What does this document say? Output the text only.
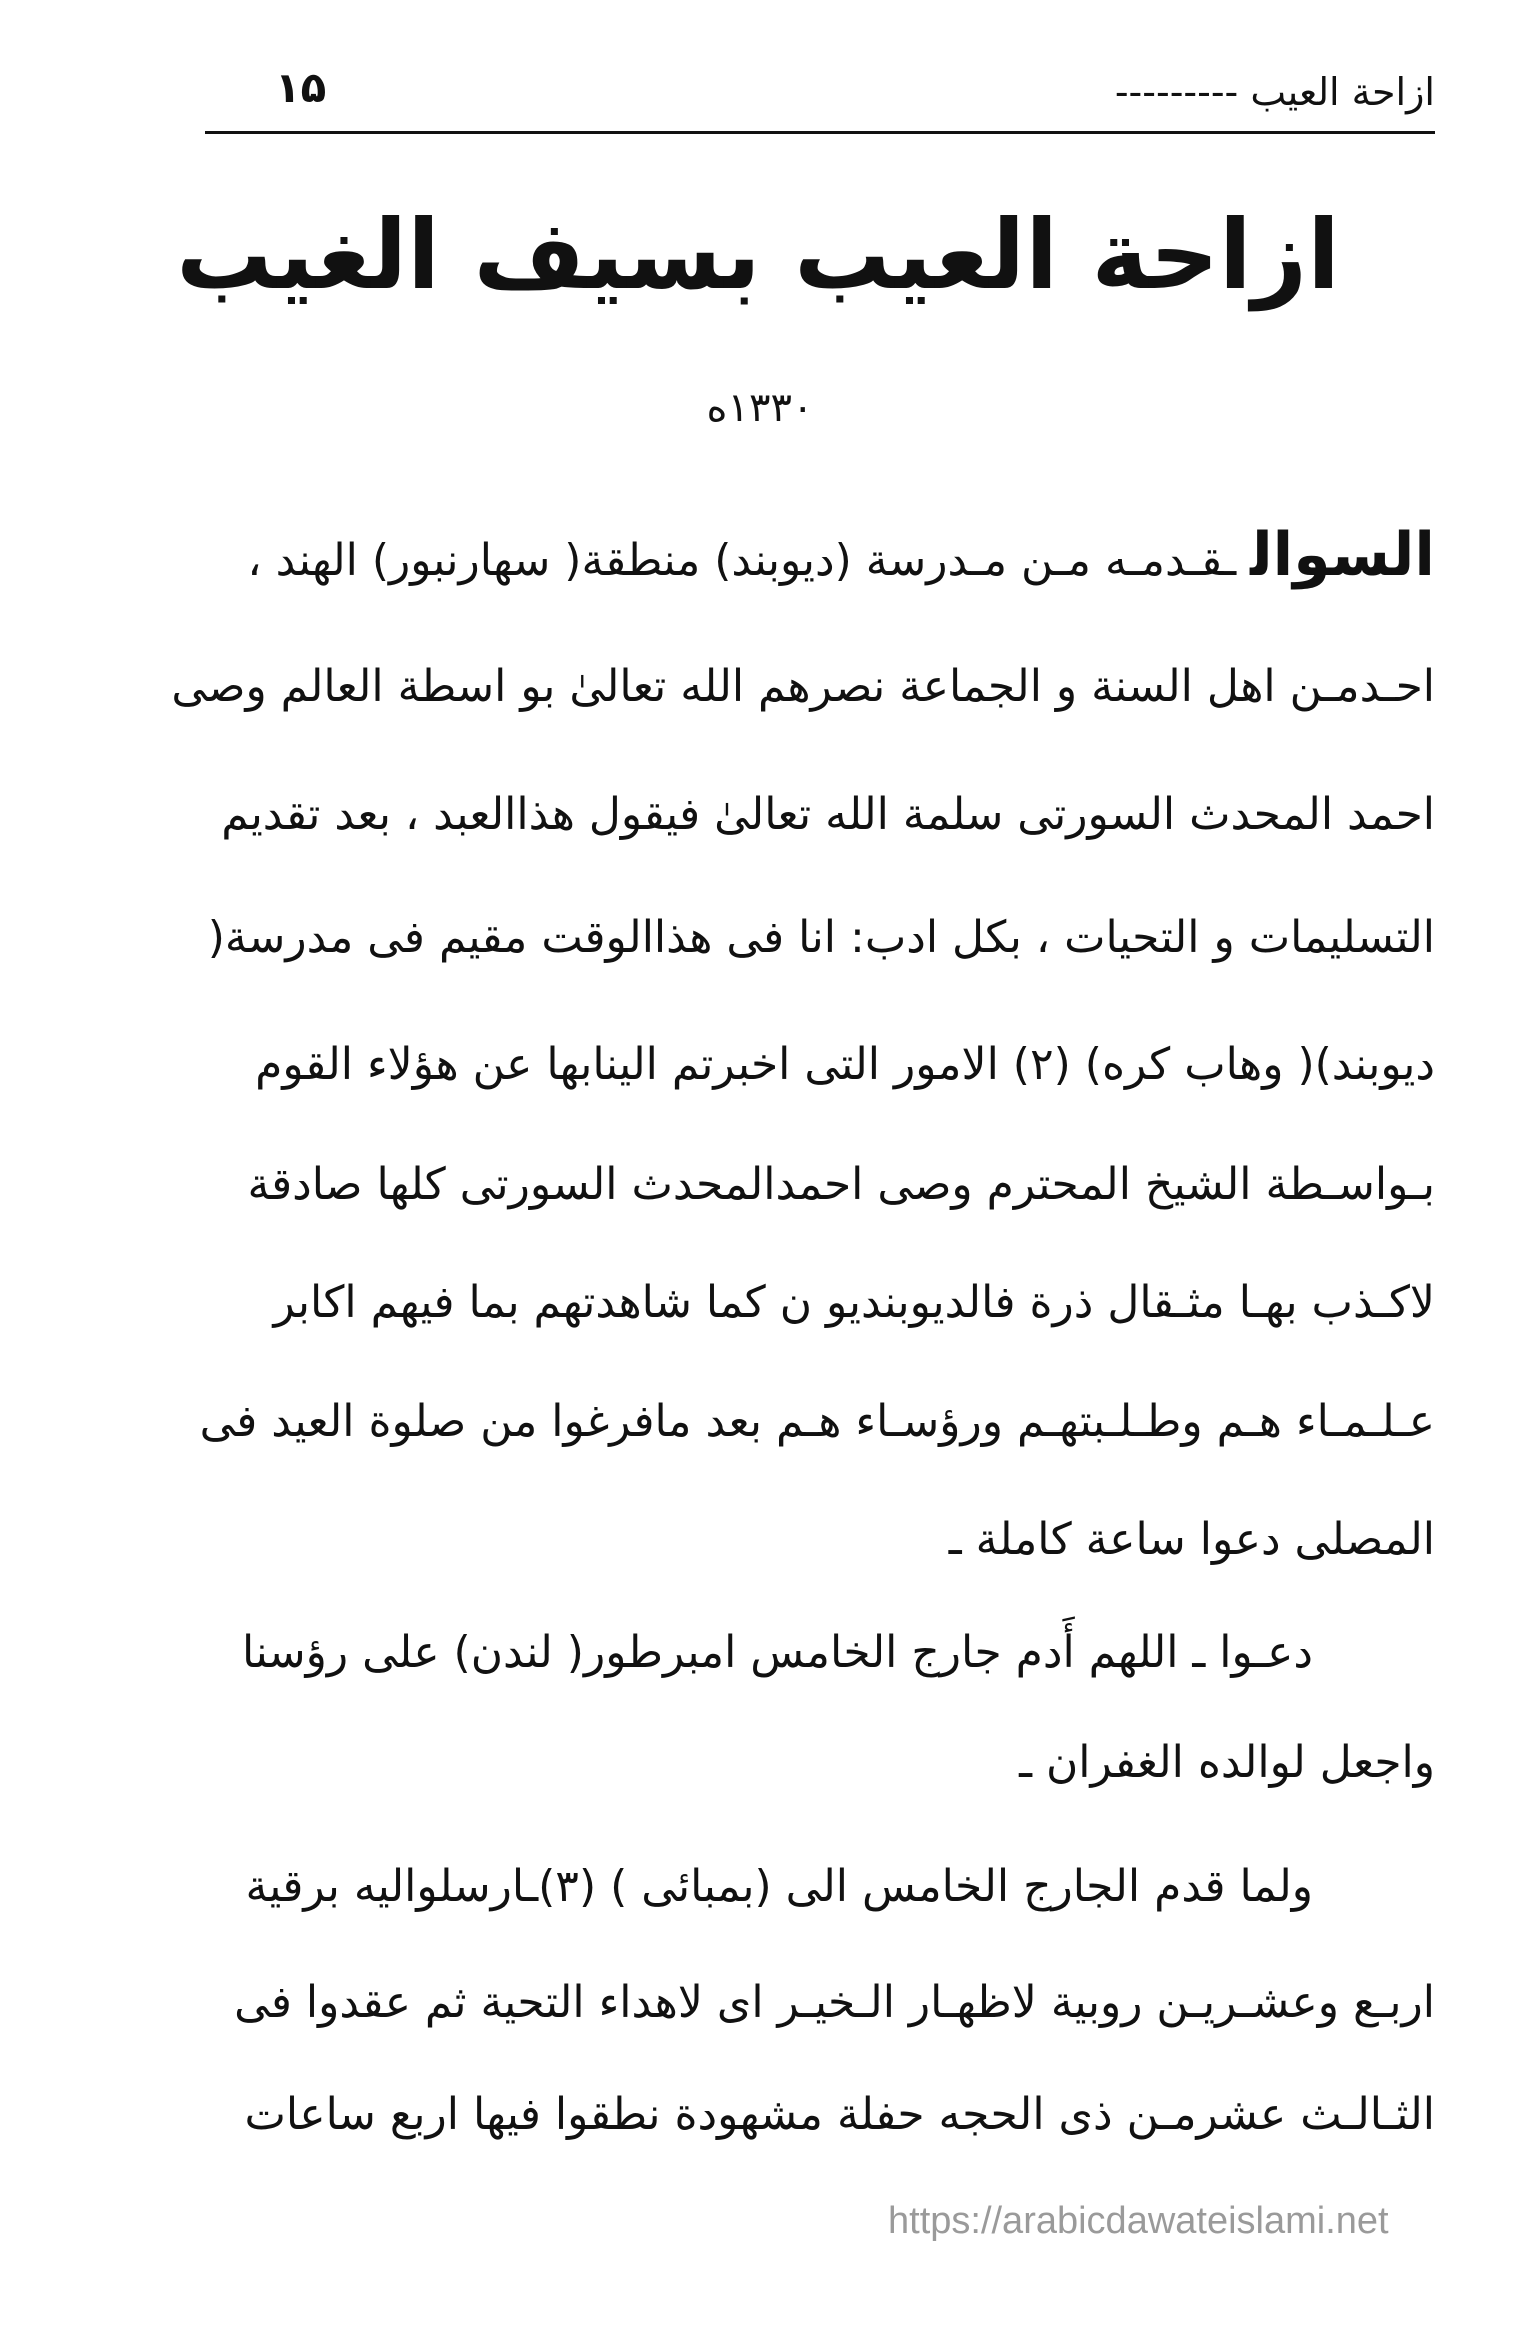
ازاحة العيب ---------
۱۵
ازاحة العيب بسيف الغيب
١٣٣٠ه
السوالـقـدمـه مـن مـدرسة (ديوبند) منطقة( سهارنبور) الهند ،
احـدمـن اهل السنة و الجماعة نصرهم الله تعالىٰ بو اسطة العالم وصى
احمد المحدث السورتى سلمة الله تعالىٰ فيقول هذاالعبد ، بعد تقديم
التسليمات و التحيات ، بكل ادب: انا فى هذاالوقت مقيم فى مدرسة(
ديوبند)( وهاب كره) (٢) الامور التى اخبرتم الينابها عن هؤلاء القوم
بـواسـطة الشيخ المحترم وصى احمدالمحدث السورتى كلها صادقة
لاكـذب بهـا مثـقال ذرة فالديوبنديو ن كما شاهدتهم بما فيهم اكابر
عـلـمـاء هـم وطـلـبتهـم ورؤسـاء هـم بعد مافرغوا من صلوة العيد فى
المصلى دعوا ساعة كاملة ـ
دعـوا ـ اللهم أَدم جارج الخامس امبرطور( لندن) على رؤسنا
واجعل لوالده الغفران ـ
ولما قدم الجارج الخامس الى (بمبائى ) (٣)ـارسلواليه برقية
اربـع وعشـريـن روبية لاظهـار الـخيـر اى لاهداء التحية ثم عقدوا فى
الثـالـث عشرمـن ذى الحجه حفلة مشهودة نطقوا فيها اربع ساعات
https://arabicdawateislami.net
